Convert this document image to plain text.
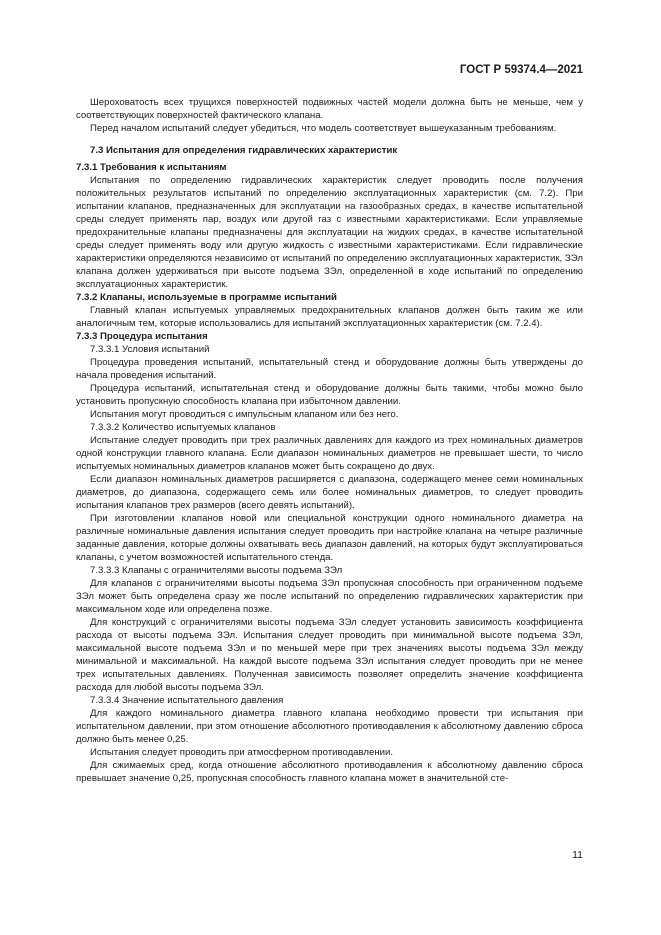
ГОСТ Р 59374.4—2021

Шероховатость всех трущихся поверхностей подвижных частей модели должна быть не меньше, чем у соответствующих поверхностей фактического клапана.

Перед началом испытаний следует убедиться, что модель соответствует вышеуказанным требованиям.

7.3 Испытания для определения гидравлических характеристик

7.3.1 Требования к испытаниям

Испытания по определению гидравлических характеристик следует проводить после получения положительных результатов испытаний по определению эксплуатационных характеристик (см. 7.2). При испытании клапанов, предназначенных для эксплуатации на газообразных средах, в качестве испытательной среды следует применять пар, воздух или другой газ с известными характеристиками. Если управляемые предохранительные клапаны предназначены для эксплуатации на жидких средах, в качестве испытательной среды следует применять воду или другую жидкость с известными характеристиками. Если гидравлические характеристики определяются независимо от испытаний по определению эксплуатационных характеристик, ЗЭл клапана должен удерживаться при высоте подъема ЗЭл, определенной в ходе испытаний по определению эксплуатационных характеристик.

7.3.2 Клапаны, используемые в программе испытаний

Главный клапан испытуемых управляемых предохранительных клапанов должен быть таким же или аналогичным тем, которые использовались для испытаний эксплуатационных характеристик (см. 7.2.4).

7.3.3 Процедура испытания

7.3.3.1 Условия испытаний

Процедура проведения испытаний, испытательный стенд и оборудование должны быть утверждены до начала проведения испытаний.

Процедура испытаний, испытательная стенд и оборудование должны быть такими, чтобы можно было установить пропускную способность клапана при избыточном давлении.

Испытания могут проводиться с импульсным клапаном или без него.

7.3.3.2 Количество испытуемых клапанов

Испытание следует проводить при трех различных давлениях для каждого из трех номинальных диаметров одной конструкции главного клапана. Если диапазон номинальных диаметров не превышает шести, то число испытуемых номинальных диаметров клапанов может быть сокращено до двух.

Если диапазон номинальных диаметров расширяется с диапазона, содержащего менее семи номинальных диаметров, до диапазона, содержащего семь или более номинальных диаметров, то следует проводить испытания клапанов трех размеров (всего девять испытаний).

При изготовлении клапанов новой или специальной конструкции одного номинального диаметра на различные номинальные давления испытания следует проводить при настройке клапана на четыре различные заданные давления, которые должны охватывать весь диапазон давлений, на которых будут эксплуатироваться клапаны, с учетом возможностей испытательного стенда.

7.3.3.3 Клапаны с ограничителями высоты подъема ЗЭл

Для клапанов с ограничителями высоты подъема ЗЭл пропускная способность при ограниченном подъеме ЗЭл может быть определена сразу же после испытаний по определению гидравлических характеристик при максимальном ходе или определена позже.

Для конструкций с ограничителями высоты подъема ЗЭл следует установить зависимость коэффициента расхода от высоты подъема ЗЭл. Испытания следует проводить при минимальной высоте подъема ЗЭл, максимальной высоте подъема ЗЭл и по меньшей мере при трех значениях высоты подъема ЗЭл между минимальной и максимальной. На каждой высоте подъема ЗЭл испытания следует проводить при не менее трех испытательных давлениях. Полученная зависимость позволяет определить значение коэффициента расхода для любой высоты подъема ЗЭл.

7.3.3.4 Значение испытательного давления

Для каждого номинального диаметра главного клапана необходимо провести три испытания при испытательном давлении, при этом отношение абсолютного противодавления к абсолютному давлению сброса должно быть менее 0,25.

Испытания следует проводить при атмосферном противодавлении.

Для сжимаемых сред, когда отношение абсолютного противодавления к абсолютному давлению сброса превышает значение 0,25, пропускная способность главного клапана может в значительной сте-

11
